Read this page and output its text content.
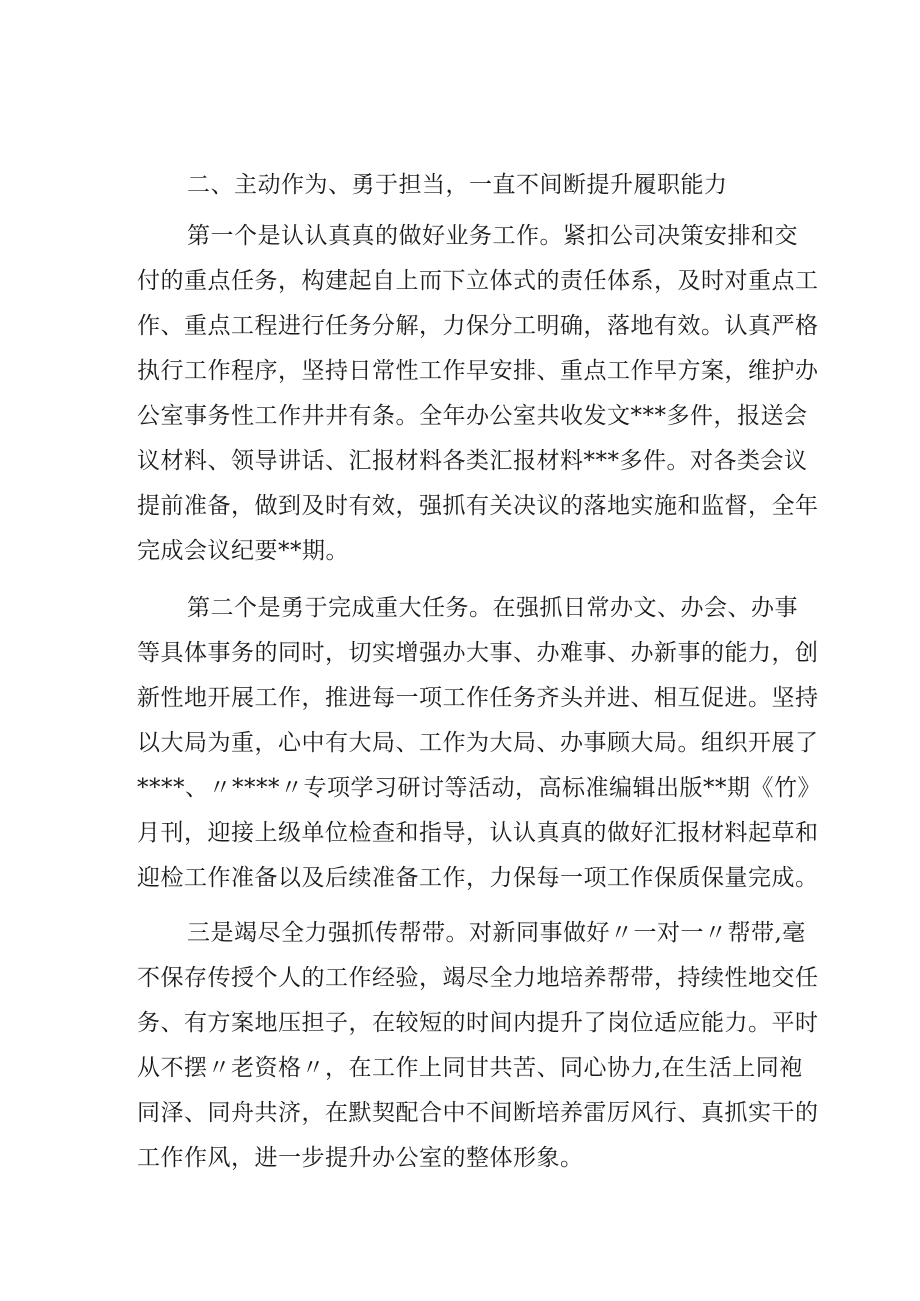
二、主动作为、勇于担当，一直不间断提升履职能力
第一个是认认真真的做好业务工作。紧扣公司决策安排和交
付的重点任务，构建起自上而下立体式的责任体系，及时对重点工
作、重点工程进行任务分解，力保分工明确，落地有效。认真严格
执行工作程序，坚持日常性工作早安排、重点工作早方案，维护办
公室事务性工作井井有条。全年办公室共收发文***多件，报送会
议材料、领导讲话、汇报材料各类汇报材料***多件。对各类会议
提前准备，做到及时有效，强抓有关决议的落地实施和监督，全年
完成会议纪要**期。
第二个是勇于完成重大任务。在强抓日常办文、办会、办事
等具体事务的同时，切实增强办大事、办难事、办新事的能力，创
新性地开展工作，推进每一项工作任务齐头并进、相互促进。坚持
以大局为重，心中有大局、工作为大局、办事顾大局。组织开展了
****、〃****〃专项学习研讨等活动，高标准编辑出版**期《竹》
月刊，迎接上级单位检查和指导，认认真真的做好汇报材料起草和
迎检工作准备以及后续准备工作，力保每一项工作保质保量完成。
三是竭尽全力强抓传帮带。对新同事做好〃一对一〃帮带,毫
不保存传授个人的工作经验，竭尽全力地培养帮带，持续性地交任
务、有方案地压担子，在较短的时间内提升了岗位适应能力。平时
从不摆〃老资格〃，在工作上同甘共苦、同心协力,在生活上同袍
同泽、同舟共济，在默契配合中不间断培养雷厉风行、真抓实干的
工作作风，进一步提升办公室的整体形象。
